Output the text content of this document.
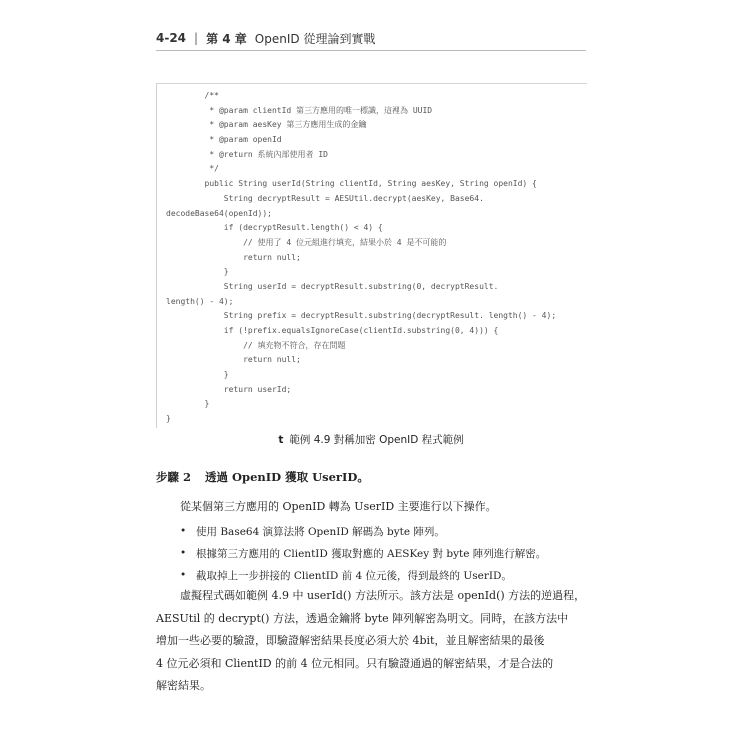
4-24 | 第 4 章 OpenID 從理論到實戰
/**
* @param clientId 第三方應用的唯一標識，這裡為 UUID
* @param aesKey 第三方應用生成的金鑰
* @param openId
* @return 系統內部使用者 ID
*/
public String userId(String clientId, String aesKey, String openId) {
String decryptResult = AESUtil.decrypt(aesKey, Base64.
decodeBase64(openId));
if (decryptResult.length() < 4) {
// 使用了 4 位元組進行填充，結果小於 4 是不可能的
return null;
}
String userId = decryptResult.substring(0, decryptResult.
length() - 4);
String prefix = decryptResult.substring(decryptResult. length() - 4);
if (!prefix.equalsIgnoreCase(clientId.substring(0, 4))) {
// 填充物不符合，存在問題
return null;
}
return userId;
}
}
t 範例 4.9 對稱加密 OpenID 程式範例
步驟 2 透過 OpenID 獲取 UserID。
從某個第三方應用的 OpenID 轉為 UserID 主要進行以下操作。
• 使用 Base64 演算法將 OpenID 解碼為 byte 陣列。
• 根據第三方應用的 ClientID 獲取對應的 AESKey 對 byte 陣列進行解密。
• 截取掉上一步拼接的 ClientID 前 4 位元後，得到最終的 UserID。
虛擬程式碼如範例 4.9 中 userId() 方法所示。該方法是 openId() 方法的逆過程，
AESUtil 的 decrypt() 方法，透過金鑰將 byte 陣列解密為明文。同時，在該方法中
增加一些必要的驗證，即驗證解密結果長度必須大於 4bit，並且解密結果的最後
4 位元必須和 ClientID 的前 4 位元相同。只有驗證通過的解密結果，才是合法的
解密結果。
